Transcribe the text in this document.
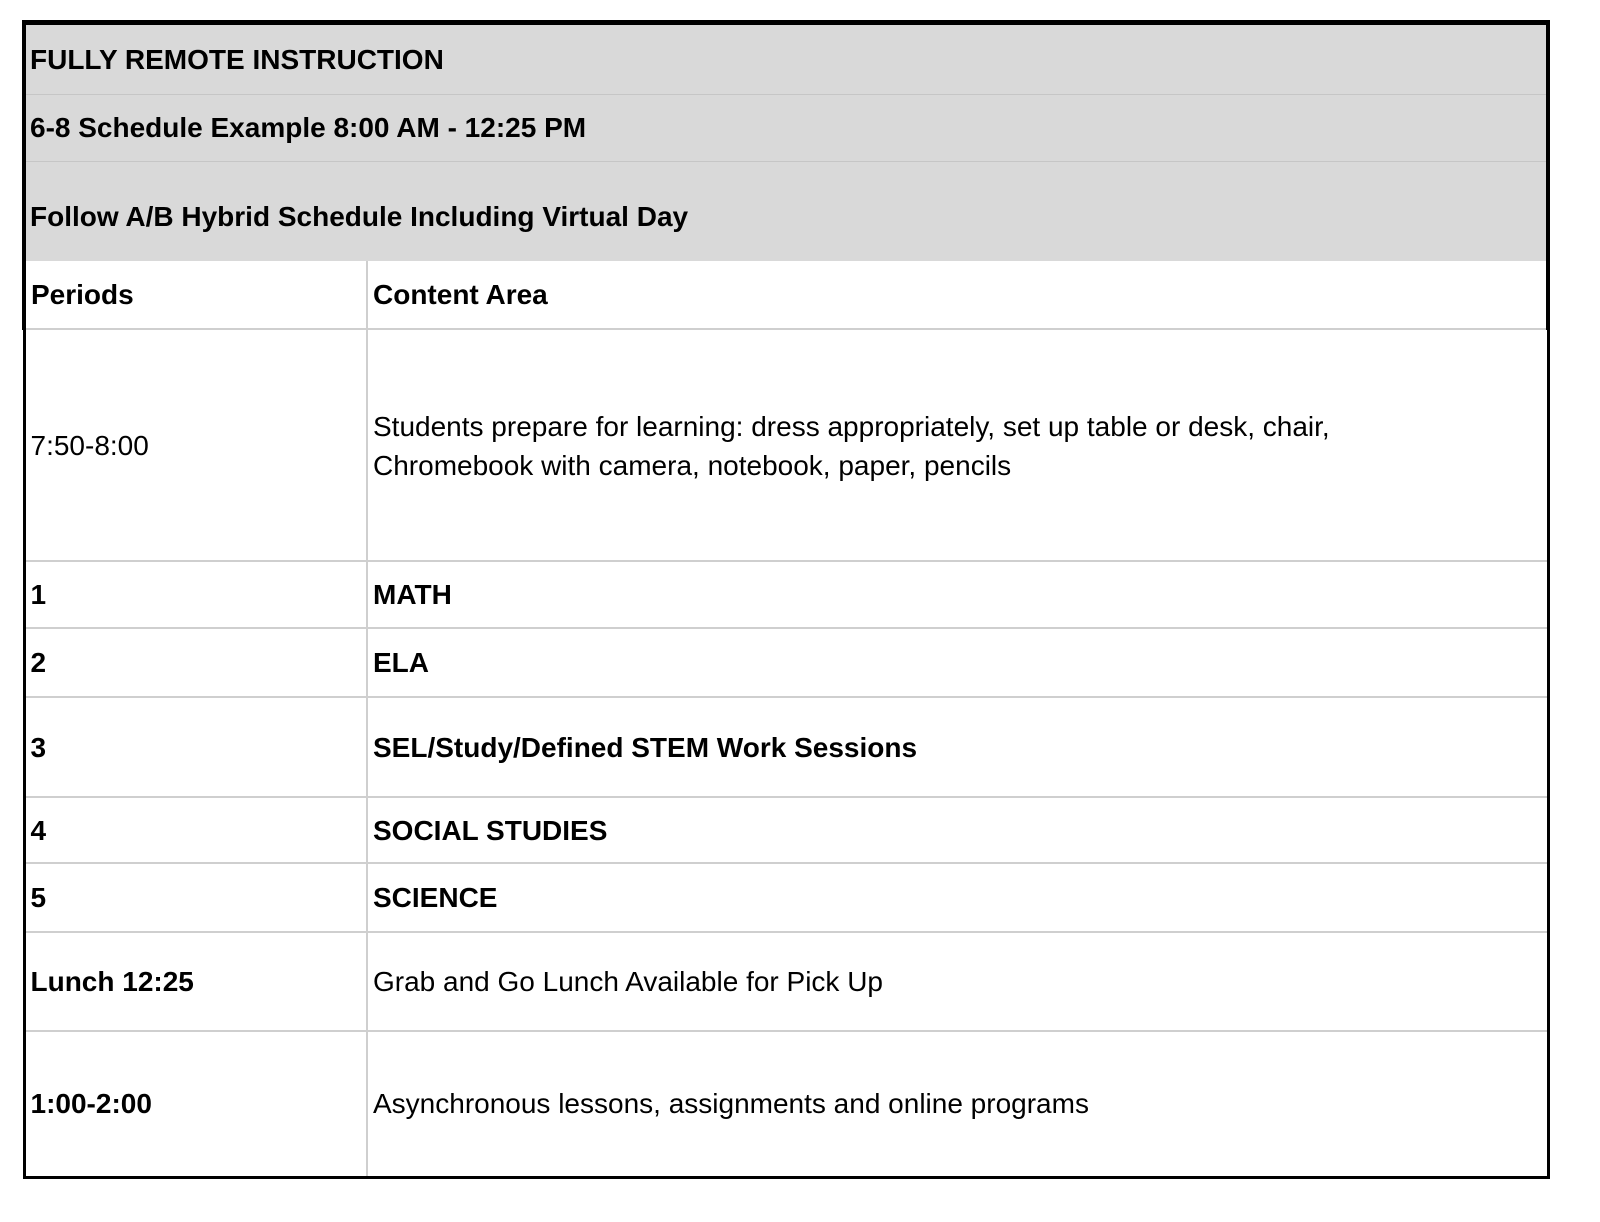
FULLY REMOTE INSTRUCTION
6-8 Schedule Example 8:00 AM - 12:25 PM
Follow A/B Hybrid Schedule Including Virtual Day
Periods	Content Area
7:50-8:00	Students prepare for learning: dress appropriately, set up table or desk, chair, Chromebook with camera, notebook, paper, pencils

1	MATH
2	ELA
3	SEL/Study/Defined STEM Work Sessions
4	SOCIAL STUDIES
5	SCIENCE
Lunch 12:25	Grab and Go Lunch Available for Pick Up
1:00-2:00	Asynchronous lessons, assignments and online programs
